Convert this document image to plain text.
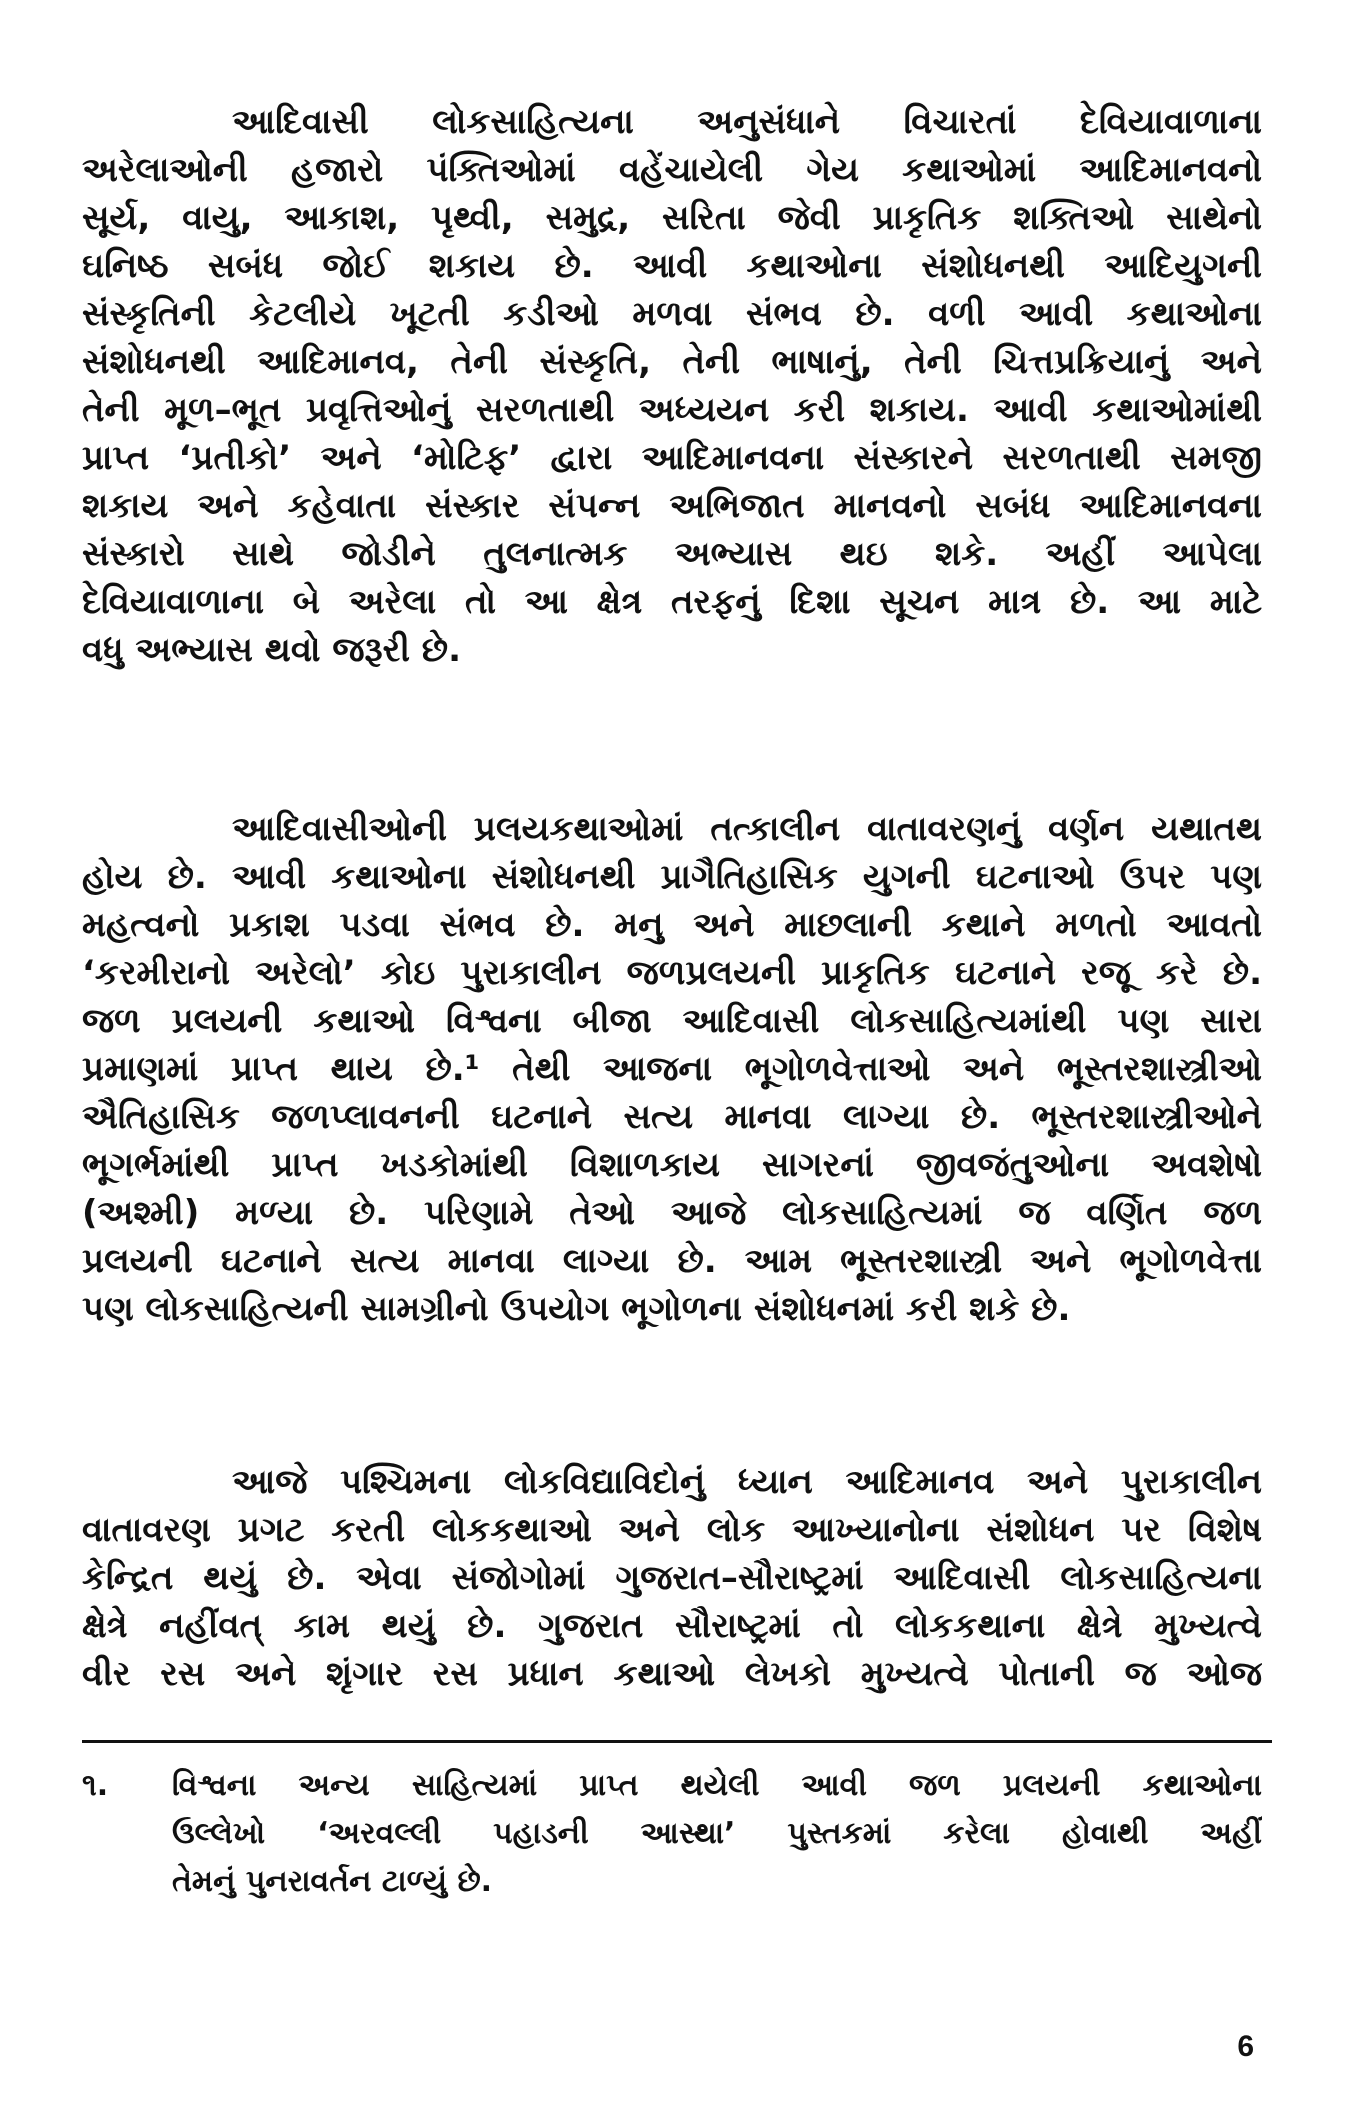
આદિવાસી લોકસાહિત્યના અનુસંધાને વિચારતાં દેવિયાવાળાના
અરેલાઓની હજારો પંક્તિઓમાં વહેંચાયેલી ગેય કથાઓમાં આદિમાનવનો
સૂર્ય, વાયુ, આકાશ, પૃથ્વી, સમુદ્ર, સરિતા જેવી પ્રાકૃતિક શક્તિઓ સાથેનો
ઘનિષ્ઠ સબંધ જોઈ શકાય છે. આવી કથાઓના સંશોધનથી આદિયુગની
સંસ્કૃતિની કેટલીયે ખૂટતી કડીઓ મળવા સંભવ છે. વળી આવી કથાઓના
સંશોધનથી આદિમાનવ, તેની સંસ્કૃતિ, તેની ભાષાનું, તેની ચિત્તપ્રક્રિયાનું અને
તેની મૂળ–ભૂત પ્રવૃત્તિઓનું સરળતાથી અધ્યયન કરી શકાય. આવી કથાઓમાંથી
પ્રાપ્ત ‘પ્રતીકો’ અને ‘મોટિફ’ દ્વારા આદિમાનવના સંસ્કારને સરળતાથી સમજી
શકાય અને કહેવાતા સંસ્કાર સંપન્ન અભિજાત માનવનો સબંધ આદિમાનવના
સંસ્કારો સાથે જોડીને તુલનાત્મક અભ્યાસ થઇ શકે. અહીં આપેલા
દેવિયાવાળાના બે અરેલા તો આ ક્ષેત્ર તરફનું દિશા સૂચન માત્ર છે. આ માટે
વધુ અભ્યાસ થવો જરૂરી છે.

આદિવાસીઓની પ્રલયકથાઓમાં તત્કાલીન વાતાવરણનું વર્ણન યથાતથ
હોય છે. આવી કથાઓના સંશોધનથી પ્રાગૈતિહાસિક યુગની ઘટનાઓ ઉપર પણ
મહત્વનો પ્રકાશ પડવા સંભવ છે. મનુ અને માછલાની કથાને મળતો આવતો
‘કરમીરાનો અરેલો’ કોઇ પુરાકાલીન જળપ્રલયની પ્રાકૃતિક ઘટનાને રજૂ કરે છે.
જળ પ્રલયની કથાઓ વિશ્વના બીજા આદિવાસી લોકસાહિત્યમાંથી પણ સારા
પ્રમાણમાં પ્રાપ્ત થાય છે.¹ તેથી આજના ભૂગોળવેત્તાઓ અને ભૂસ્તરશાસ્ત્રીઓ
ઐતિહાસિક જળપ્લાવનની ઘટનાને સત્ય માનવા લાગ્યા છે. ભૂસ્તરશાસ્ત્રીઓને
ભૂગર્ભમાંથી પ્રાપ્ત ખડકોમાંથી વિશાળકાય સાગરનાં જીવજંતુઓના અવશેષો
(અશ્મી) મળ્યા છે. પરિણામે તેઓ આજે લોકસાહિત્યમાં જ વર્ણિત જળ
પ્રલયની ઘટનાને સત્ય માનવા લાગ્યા છે. આમ ભૂસ્તરશાસ્ત્રી અને ભૂગોળવેત્તા
પણ લોકસાહિત્યની સામગ્રીનો ઉપયોગ ભૂગોળના સંશોધનમાં કરી શકે છે.

આજે પશ્ચિમના લોકવિદ્યાવિદોનું ધ્યાન આદિમાનવ અને પુરાકાલીન
વાતાવરણ પ્રગટ કરતી લોકકથાઓ અને લોક આખ્યાનોના સંશોધન પર વિશેષ
કેન્દ્રિત થયું છે. એવા સંજોગોમાં ગુજરાત–સૌરાષ્ટ્રમાં આદિવાસી લોકસાહિત્યના
ક્ષેત્રે નહીંવત્ કામ થયું છે. ગુજરાત સૌરાષ્ટ્રમાં તો લોકકથાના ક્ષેત્રે મુખ્યત્વે
વીર રસ અને શૃંગાર રસ પ્રધાન કથાઓ લેખકો મુખ્યત્વે પોતાની જ ઓજ

૧. વિશ્વના અન્ય સાહિત્યમાં પ્રાપ્ત થયેલી આવી જળ પ્રલયની કથાઓના
ઉલ્લેખો ‘અરવલ્લી પહાડની આસ્થા’ પુસ્તકમાં કરેલા હોવાથી અહીં
તેમનું પુનરાવર્તન ટાળ્યું છે.
6
